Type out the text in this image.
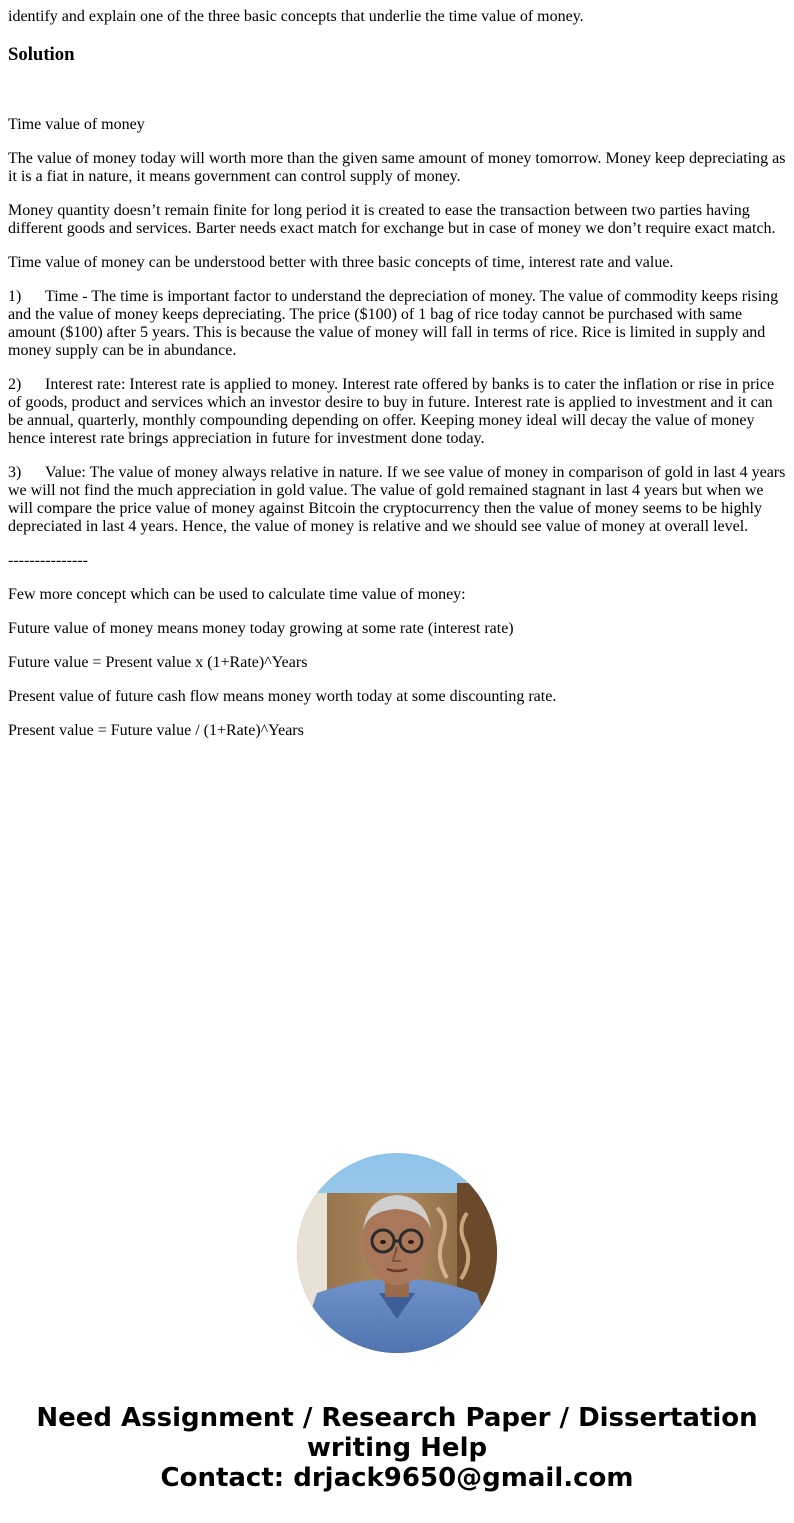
identify and explain one of the three basic concepts that underlie the time value of money.

Solution

Time value of money

The value of money today will worth more than the given same amount of money tomorrow. Money keep depreciating as it is a fiat in nature, it means government can control supply of money.

Money quantity doesn’t remain finite for long period it is created to ease the transaction between two parties having different goods and services. Barter needs exact match for exchange but in case of money we don’t require exact match.

Time value of money can be understood better with three basic concepts of time, interest rate and value.

1) Time - The time is important factor to understand the depreciation of money. The value of commodity keeps rising and the value of money keeps depreciating. The price ($100) of 1 bag of rice today cannot be purchased with same amount ($100) after 5 years. This is because the value of money will fall in terms of rice. Rice is limited in supply and money supply can be in abundance.

2) Interest rate: Interest rate is applied to money. Interest rate offered by banks is to cater the inflation or rise in price of goods, product and services which an investor desire to buy in future. Interest rate is applied to investment and it can be annual, quarterly, monthly compounding depending on offer. Keeping money ideal will decay the value of money hence interest rate brings appreciation in future for investment done today.

3) Value: The value of money always relative in nature. If we see value of money in comparison of gold in last 4 years we will not find the much appreciation in gold value. The value of gold remained stagnant in last 4 years but when we will compare the price value of money against Bitcoin the cryptocurrency then the value of money seems to be highly depreciated in last 4 years. Hence, the value of money is relative and we should see value of money at overall level.

---------------

Few more concept which can be used to calculate time value of money:

Future value of money means money today growing at some rate (interest rate)

Future value = Present value x (1+Rate)^Years

Present value of future cash flow means money worth today at some discounting rate.

Present value = Future value / (1+Rate)^Years

Need Assignment / Research Paper / Dissertation
writing Help
Contact: drjack9650@gmail.com
